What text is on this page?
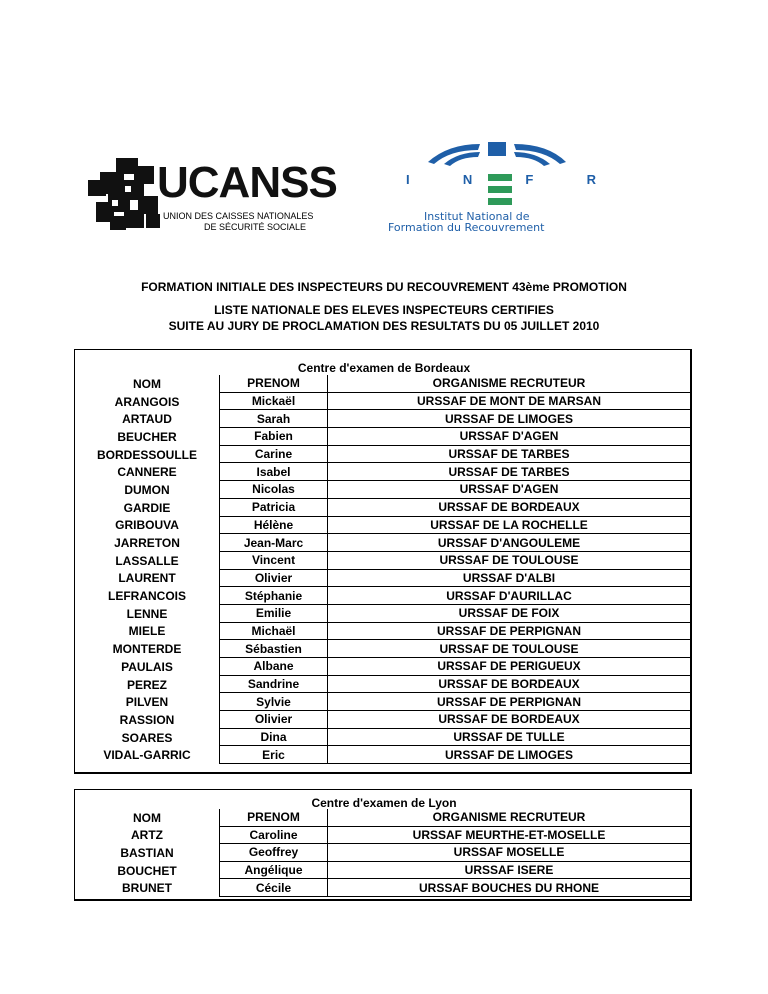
UCANSS
UNION DES CAISSES NATIONALES
DE SÉCURITÉ SOCIALE
I	N	F	R
Institut National de
Formation du Recouvrement
FORMATION INITIALE DES INSPECTEURS DU RECOUVREMENT 43ème PROMOTION
LISTE NATIONALE DES ELEVES INSPECTEURS CERTIFIES
SUITE AU JURY DE PROCLAMATION DES RESULTATS DU 05 JUILLET 2010
Centre d'examen de Bordeaux
NOM	PRENOM	ORGANISME RECRUTEUR
ARANGOIS	Mickaël	URSSAF DE MONT DE MARSAN
ARTAUD	Sarah	URSSAF DE LIMOGES
BEUCHER	Fabien	URSSAF D'AGEN
BORDESSOULLE	Carine	URSSAF DE TARBES
CANNERE	Isabel	URSSAF DE TARBES
DUMON	Nicolas	URSSAF D'AGEN
GARDIE	Patricia	URSSAF DE BORDEAUX
GRIBOUVA	Hélène	URSSAF DE LA ROCHELLE
JARRETON	Jean-Marc	URSSAF D'ANGOULEME
LASSALLE	Vincent	URSSAF DE TOULOUSE
LAURENT	Olivier	URSSAF D'ALBI
LEFRANCOIS	Stéphanie	URSSAF D'AURILLAC
LENNE	Emilie	URSSAF DE FOIX
MIELE	Michaël	URSSAF DE PERPIGNAN
MONTERDE	Sébastien	URSSAF DE TOULOUSE
PAULAIS	Albane	URSSAF DE PERIGUEUX
PEREZ	Sandrine	URSSAF DE BORDEAUX
PILVEN	Sylvie	URSSAF DE PERPIGNAN
RASSION	Olivier	URSSAF DE BORDEAUX
SOARES	Dina	URSSAF DE TULLE
VIDAL-GARRIC	Eric	URSSAF DE LIMOGES
Centre d'examen de Lyon
NOM	PRENOM	ORGANISME RECRUTEUR
ARTZ	Caroline	URSSAF MEURTHE-ET-MOSELLE
BASTIAN	Geoffrey	URSSAF MOSELLE
BOUCHET	Angélique	URSSAF ISERE
BRUNET	Cécile	URSSAF BOUCHES DU RHONE
